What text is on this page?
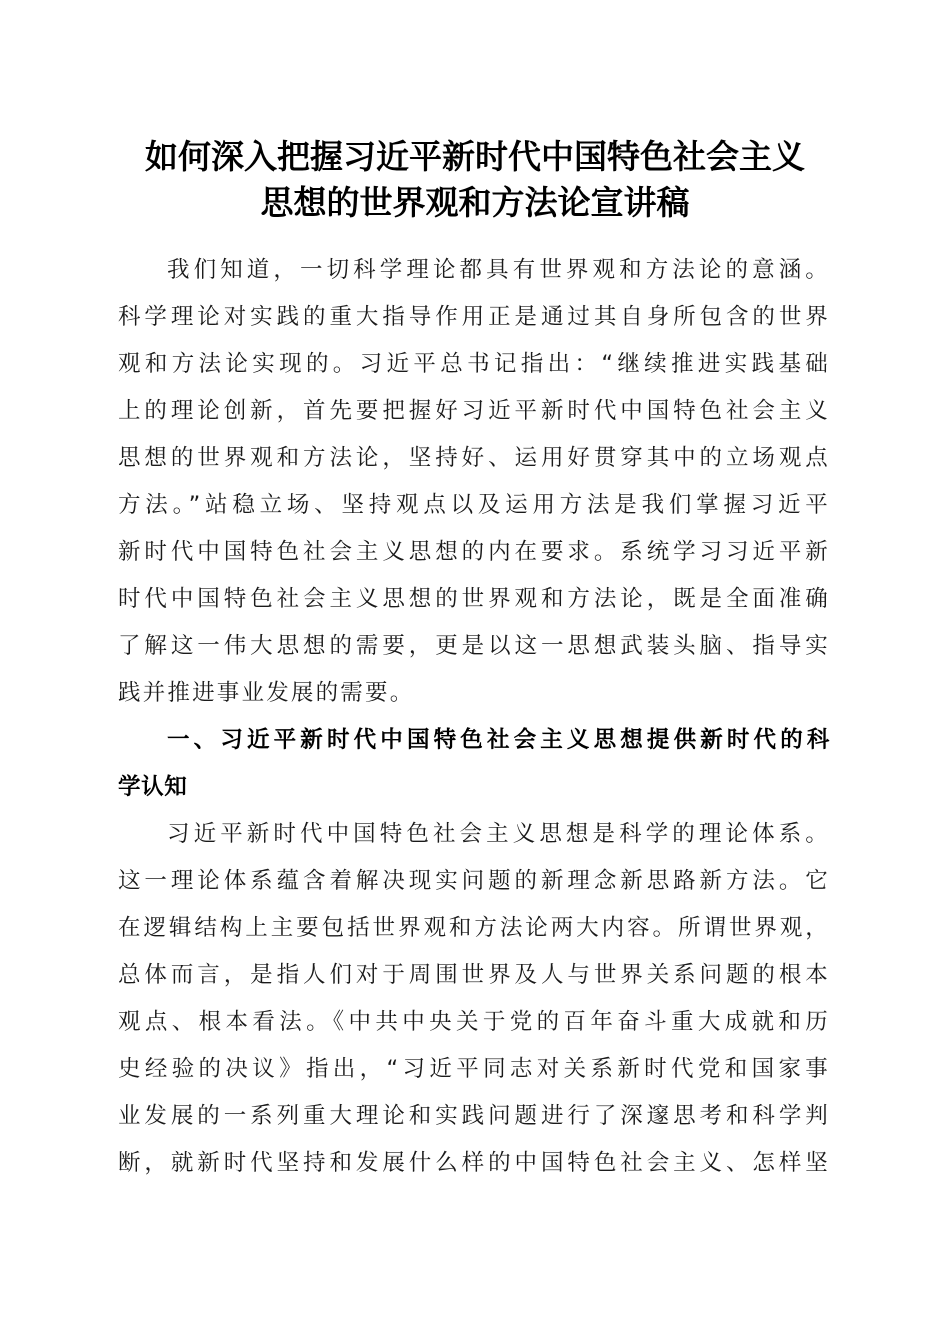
如何深入把握习近平新时代中国特色社会主义
思想的世界观和方法论宣讲稿
我们知道，一切科学理论都具有世界观和方法论的意涵。
科学理论对实践的重大指导作用正是通过其自身所包含的世界
观和方法论实现的。习近平总书记指出：“继续推进实践基础
上的理论创新，首先要把握好习近平新时代中国特色社会主义
思想的世界观和方法论，坚持好、运用好贯穿其中的立场观点
方法。”站稳立场、坚持观点以及运用方法是我们掌握习近平
新时代中国特色社会主义思想的内在要求。系统学习习近平新
时代中国特色社会主义思想的世界观和方法论，既是全面准确
了解这一伟大思想的需要，更是以这一思想武装头脑、指导实
践并推进事业发展的需要。
一、习近平新时代中国特色社会主义思想提供新时代的科
学认知
习近平新时代中国特色社会主义思想是科学的理论体系。
这一理论体系蕴含着解决现实问题的新理念新思路新方法。它
在逻辑结构上主要包括世界观和方法论两大内容。所谓世界观，
总体而言，是指人们对于周围世界及人与世界关系问题的根本
观点、根本看法。《中共中央关于党的百年奋斗重大成就和历
史经验的决议》指出，“习近平同志对关系新时代党和国家事
业发展的一系列重大理论和实践问题进行了深邃思考和科学判
断，就新时代坚持和发展什么样的中国特色社会主义、怎样坚
